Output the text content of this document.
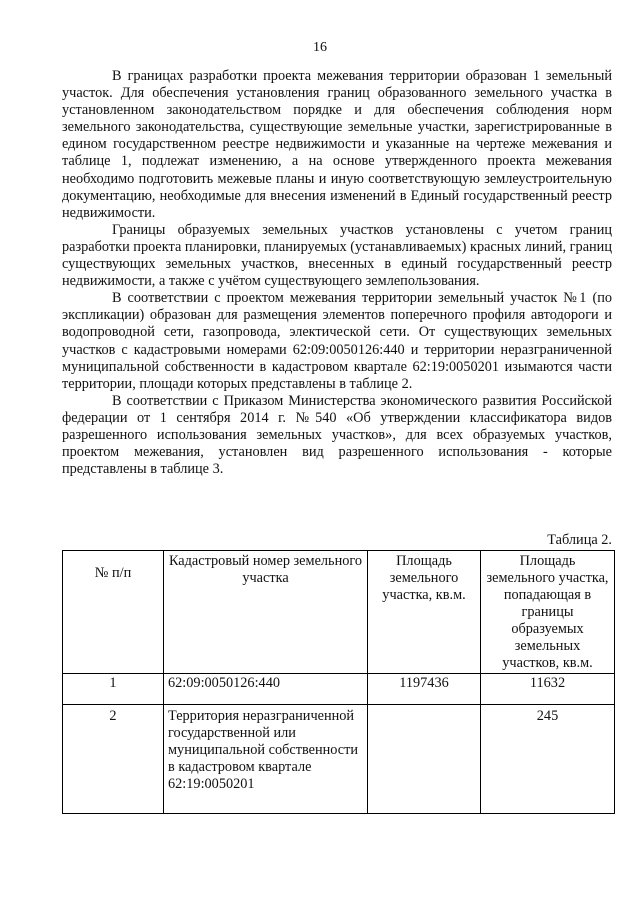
16

В границах разработки проекта межевания территории образован 1 земельный участок. Для обеспечения установления границ образованного земельного участка в установленном законодательством порядке и для обеспечения соблюдения норм земельного законодательства, существующие земельные участки, зарегистрированные в едином государственном реестре недвижимости и указанные на чертеже межевания и таблице 1, подлежат изменению, а на основе утвержденного проекта межевания необходимо подготовить межевые планы и иную соответствующую землеустроительную документацию, необходимые для внесения изменений в Единый государственный реестр недвижимости.

Границы образуемых земельных участков установлены с учетом границ разработки проекта планировки, планируемых (устанавливаемых) красных линий, границ существующих земельных участков, внесенных в единый государственный реестр недвижимости, а также с учётом существующего землепользования.

В соответствии с проектом межевания территории земельный участок №1 (по экспликации) образован для размещения элементов поперечного профиля автодороги и водопроводной сети, газопровода, электической сети. От существующих земельных участков с кадастровыми номерами 62:09:0050126:440 и территории неразграниченной муниципальной собственности в кадастровом квартале 62:19:0050201 изымаются части территории, площади которых представлены в таблице 2.

В соответствии с Приказом Министерства экономического развития Российской федерации от 1 сентября 2014 г. №540 «Об утверждении классификатора видов разрешенного использования земельных участков», для всех образуемых участков, проектом межевания, установлен вид разрешенного использования - которые представлены в таблице 3.

Таблица 2.
№ п/п	Кадастровый номер земельного участка	Площадь земельного участка, кв.м.	Площадь земельного участка, попадающая в границы образуемых земельных участков, кв.м.
1	62:09:0050126:440	1197436	11632
2	Территория неразграниченной государственной или муниципальной собственности в кадастровом квартале 62:19:0050201		245
